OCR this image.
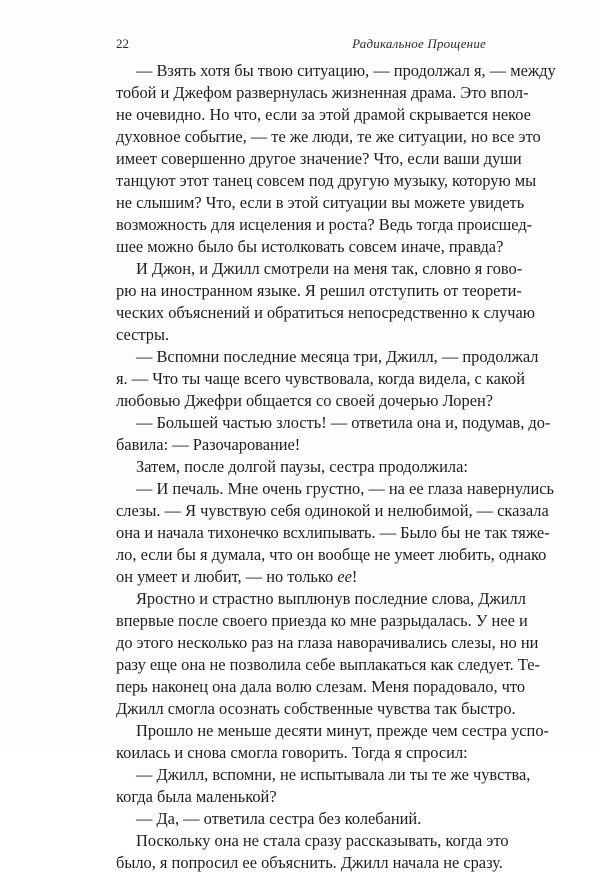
22	Радикальное Прощение
— Взять хотя бы твою ситуацию, — продолжал я, — между
тобой и Джефом развернулась жизненная драма. Это впол-
не очевидно. Но что, если за этой драмой скрывается некое
духовное событие, — те же люди, те же ситуации, но все это
имеет совершенно другое значение? Что, если ваши души
танцуют этот танец совсем под другую музыку, которую мы
не слышим? Что, если в этой ситуации вы можете увидеть
возможность для исцеления и роста? Ведь тогда происшед-
шее можно было бы истолковать совсем иначе, правда?
И Джон, и Джилл смотрели на меня так, словно я гово-
рю на иностранном языке. Я решил отступить от теорети-
ческих объяснений и обратиться непосредственно к случаю
сестры.
— Вспомни последние месяца три, Джилл, — продолжал
я. — Что ты чаще всего чувствовала, когда видела, с какой
любовью Джефри общается со своей дочерью Лорен?
— Большей частью злость! — ответила она и, подумав, до-
бавила: — Разочарование!
Затем, после долгой паузы, сестра продолжила:
— И печаль. Мне очень грустно, — на ее глаза навернулись
слезы. — Я чувствую себя одинокой и нелюбимой, — сказала
она и начала тихонечко всхлипывать. — Было бы не так тяже-
ло, если бы я думала, что он вообще не умеет любить, однако
он умеет и любит, — но только ее!
Яростно и страстно выплюнув последние слова, Джилл
впервые после своего приезда ко мне разрыдалась. У нее и
до этого несколько раз на глаза наворачивались слезы, но ни
разу еще она не позволила себе выплакаться как следует. Те-
перь наконец она дала волю слезам. Меня порадовало, что
Джилл смогла осознать собственные чувства так быстро.
Прошло не меньше десяти минут, прежде чем сестра успо-
коилась и снова смогла говорить. Тогда я спросил:
— Джилл, вспомни, не испытывала ли ты те же чувства,
когда была маленькой?
— Да, — ответила сестра без колебаний.
Поскольку она не стала сразу рассказывать, когда это
было, я попросил ее объяснить. Джилл начала не сразу.
